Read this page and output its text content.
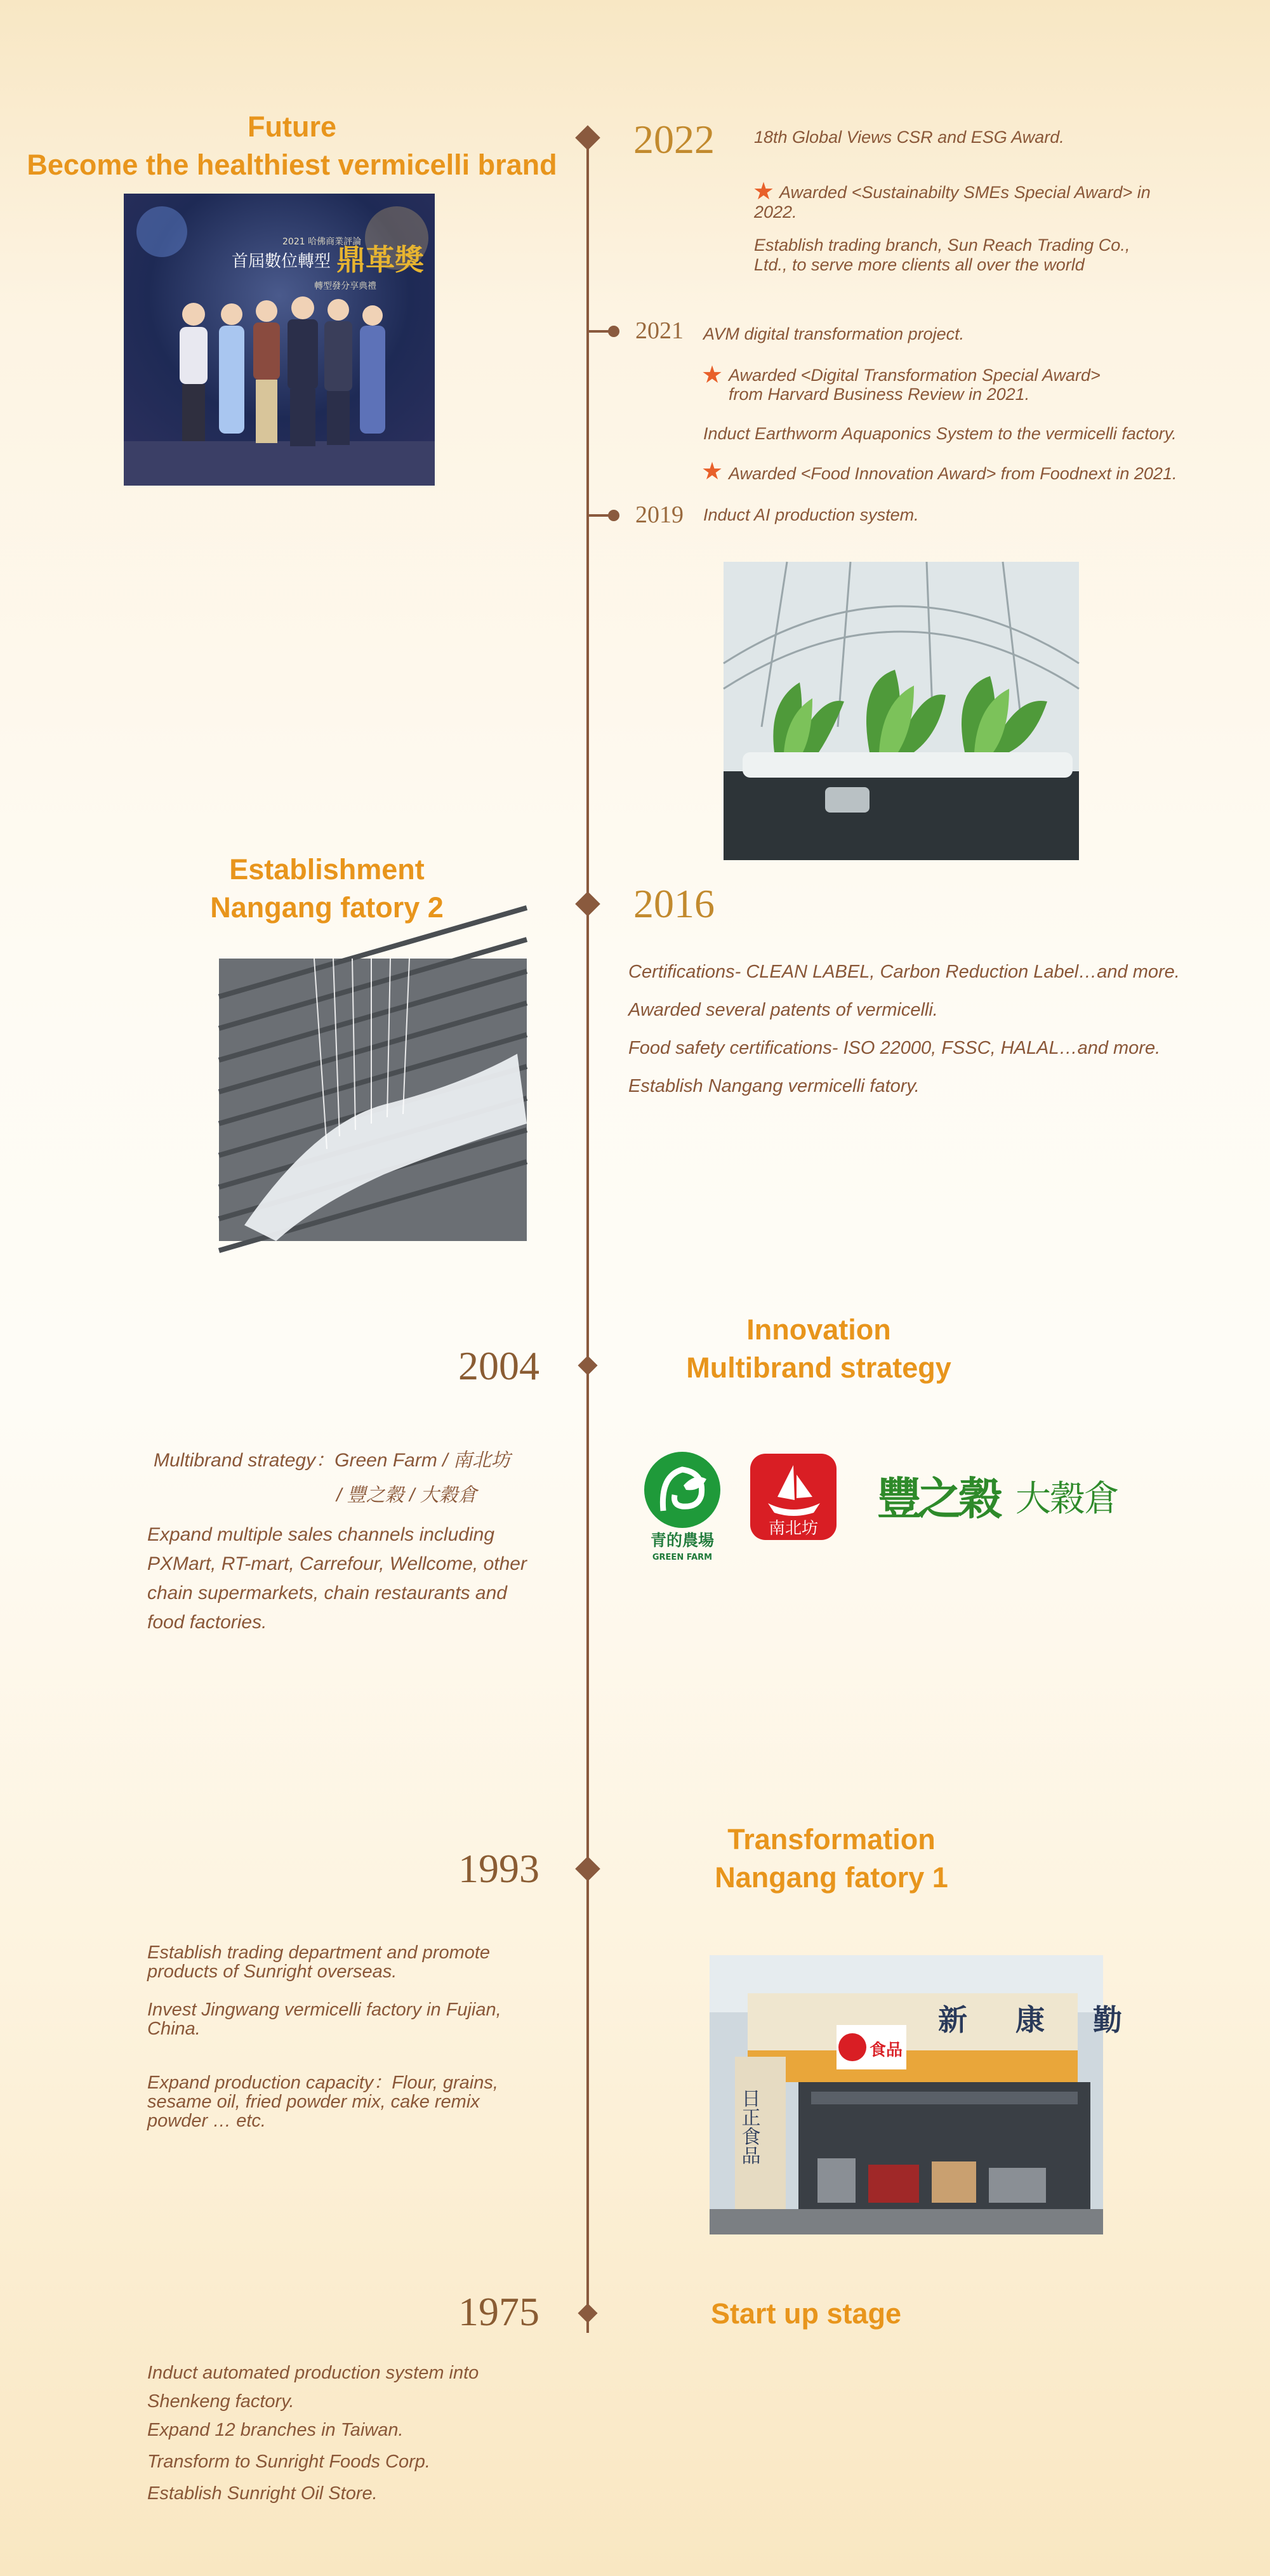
Future
Become the healthiest vermicelli brand
2022 18th Global Views CSR and ESG Award.
★ Awarded <Sustainabilty SMEs Special Award> in
2022.
Establish trading branch, Sun Reach Trading Co.,
Ltd., to serve more clients all over the world
2021 AVM digital transformation project.
★ Awarded <Digital Transformation Special Award>
from Harvard Business Review in 2021.
Induct Earthworm Aquaponics System to the vermicelli factory.
★ Awarded <Food Innovation Award> from Foodnext in 2021.
2019 Induct AI production system.
2021 哈佛商業評論
首屆數位轉型 鼎革獎
轉型發分享典禮
Establishment
Nangang fatory 2	2016
Certifications- CLEAN LABEL, Carbon Reduction Label…and more.
Awarded several patents of vermicelli.
Food safety certifications- ISO 22000, FSSC, HALAL…and more.
Establish Nangang vermicelli fatory.
2004
Innovation
Multibrand strategy
Multibrand strategy：Green Farm / 南北坊
/ 豐之穀 / 大穀倉
Expand multiple sales channels including
PXMart, RT-mart, Carrefour, Wellcome, other
chain supermarkets, chain restaurants and
food factories.
青的農場
GREEN FARM
南北坊
豐之穀 大穀倉
1993
Transformation
Nangang fatory 1
Establish trading department and promote
products of Sunright overseas.
Invest Jingwang vermicelli factory in Fujian,
China.
Expand production capacity：Flour, grains,
sesame oil, fried powder mix, cake remix
powder … etc.
新 康 勤
食品
日正食品
1975	Start up stage
Induct automated production system into
Shenkeng factory.
Expand 12 branches in Taiwan.
Transform to Sunright Foods Corp.
Establish Sunright Oil Store.
